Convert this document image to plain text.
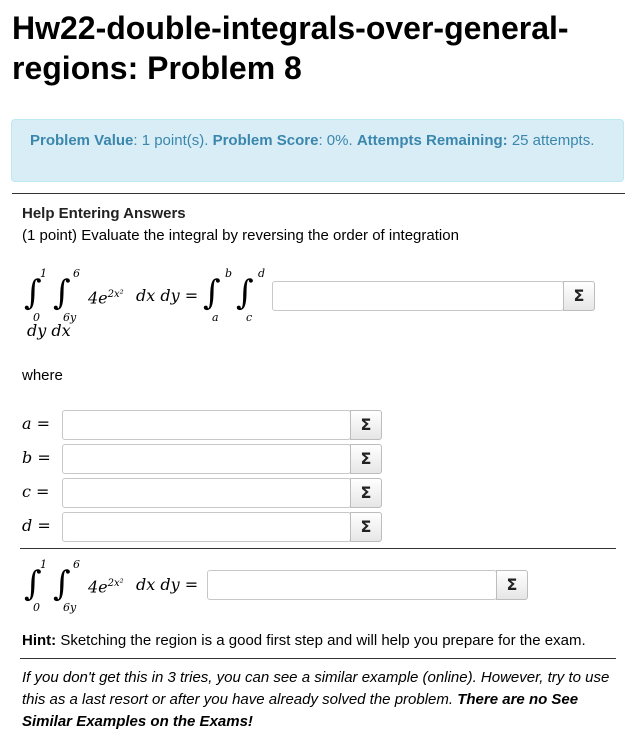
Hw22-double-integrals-over-general-regions: Problem 8
Problem Value: 1 point(s). Problem Score: 0%. Attempts Remaining: 25 attempts.
Help Entering Answers
(1 point) Evaluate the integral by reversing the order of integration
∫
1
0
∫ 6
6y
$4e^{2x^2}$ dx dy = ∫ b
a
∫ d
c
dy dx
Σ
where
a =	Σ
b =	Σ
c =	Σ
d =	Σ
∫
1
0
∫ 6
6y
$4e^{2x^2}$ dx dy =	Σ
Hint: Sketching the region is a good first step and will help you prepare for the exam.
If you don't get this in 3 tries, you can see a similar example (online). However, try to use this as a last resort or after you have already solved the problem. There are no See Similar Examples on the Exams!
